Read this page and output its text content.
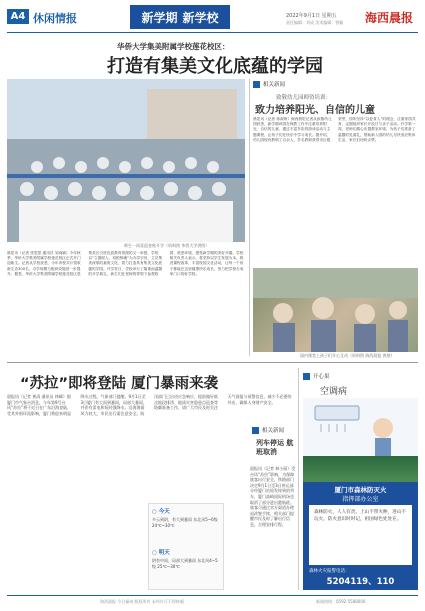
A4 休闲情报	新学期 新学校	2022年9月1日 星期五
责任编辑：刘成 美术编辑：曾颖 海西晨报
华侨大学集美附属学校莲花校区：
打造有集美文化底蕴的学园
师生一同喜迎金秋开学（资料图 华侨大学供图）
晨报讯（记者 张思思 通讯员 吴晓颖）今年秋季，华侨大学集美附属学校莲花校区正式开门迎新生。记者从学校获悉，今年该校共计招收新生近300名，办学规模与配套设施进一步提升。据悉，华侨大学集美附属学校莲花校区是集美区引进优质教育资源的又一举措，学校以“立德树人、培根铸魂”为办学宗旨，立足集美深厚的嘉庚文化，着力打造具有集美文化底蕴的学园。开学首日，学校举行了隆重而温馨的开学典礼，新生们在老师的带领下参观校园、熟悉环境，感受新学期的美好开端。学校相关负责人表示，将坚持以学生发展为本，推进课程改革，丰富校园文化活动，让每一个孩子都能在这里健康快乐成长，努力把学校办成家门口的好学校。
相关新闻
致敬幼儿园师资培训：
致力培养阳光、自信的儿童
晨报讯（记者 蒋淑珍）海西晨报记者从致敬幼儿园获悉，新学期该园在保教工作中注重培养阳光、自信的儿童，通过丰富多彩的游戏活动与主题课程，让孩子们在快乐中学习成长。据介绍，幼儿园现有教职工百余人，多名教师获得市区级荣誉，园所坚持“以爱育人”的理念，注重家园共育，定期组织家长开放日与亲子活动。开学第一周，老师们精心布置教室环境，为孩子们准备了温馨的见面礼，帮助新入园的幼儿尽快适应集体生活，家长们纷纷点赞。
园内课堂上孩子们开心互动（资料图 海西晨报 供图）
“苏拉”即将登陆 厦门暴雨来袭
晨报讯（记者 黄清 通讯员 林峰）据厦门市气象台消息，今年第9号台风“苏拉”将于近日在广东沿海登陆，受其外围环流影响，厦门将迎来明显降水过程。气象部门提醒，9月1日至3日厦门有大雨到暴雨，局部大暴雨，并伴有雷电和短时强降水，沿海海面风力较大，市民出行需注意安全。防汛部门已启动应急响应，提前做好低洼地段排涝、地质灾害隐患点巡查等防御准备工作，请广大市民及时关注天气预报与预警信息，减少不必要的外出，确保人身财产安全。
○ 今天
多云到阴，有大到暴雨 东北风5~6级 24℃~30℃
○ 明天
阴有中雨，局部大到暴雨 东北风4~5级 25℃~30℃
相关新闻
列车停运 航班取消
晨报讯（记者 林小丽）受台风“苏拉”影响，为保障旅客出行安全，铁路部门决定9月1日至3日停运部分经厦门站始发终到的列车，厦门高崎国际机场也取消了部分进出港航班。旅客可通过官方渠道办理退改签手续，相关部门提醒市民及时了解出行信息，合理安排行程。
开心果
空调病
厦门市森林防灭火
指挥部办公室
森林防火，人人有责。上山不带火种，进山不玩火。防火意识时时记，祖国绿色处处在。
森林火灾报警电话：
5204119、110
海西晨报 今日福州 版权所有 未经许可不得转载	新闻热线：0592-5588000
